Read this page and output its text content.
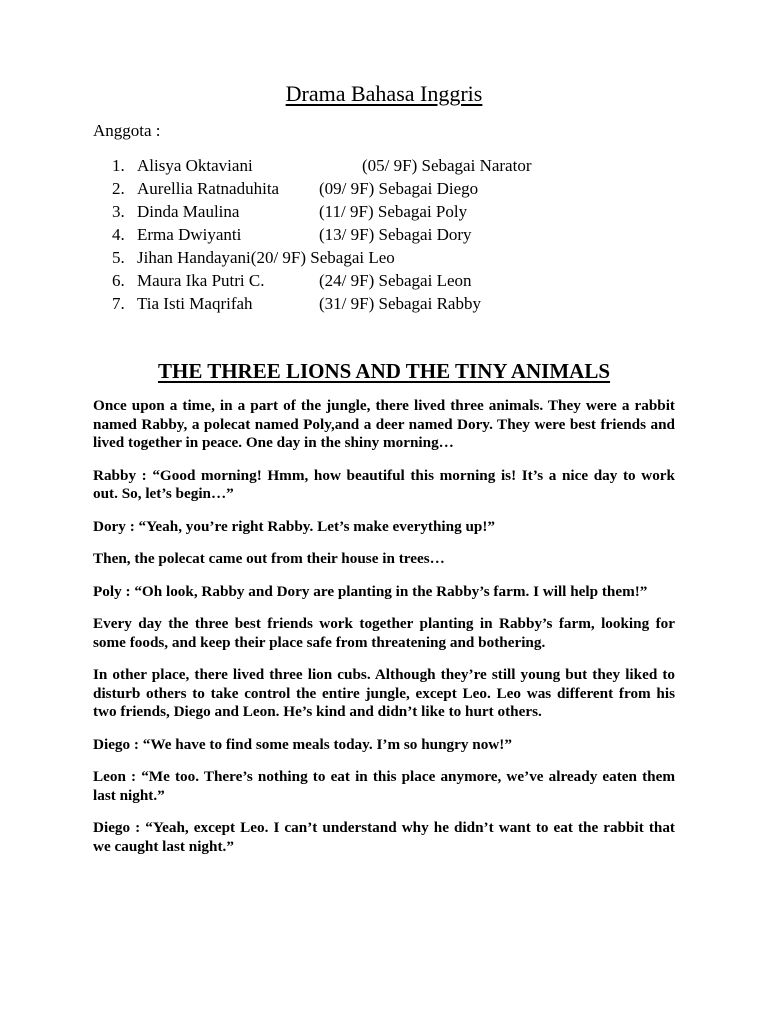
Drama Bahasa Inggris

Anggota :

1. Alisya Oktaviani	(05/ 9F) Sebagai Narator
2. Aurellia Ratnaduhita (09/ 9F) Sebagai Diego
3. Dinda Maulina	(11/ 9F) Sebagai Poly
4. Erma Dwiyanti	(13/ 9F) Sebagai Dory
5. Jihan Handayani(20/ 9F) Sebagai Leo
6. Maura Ika Putri C.	(24/ 9F) Sebagai Leon
7. Tia Isti Maqrifah	(31/ 9F) Sebagai Rabby
THE THREE LIONS AND THE TINY ANIMALS

Once upon a time, in a part of the jungle, there lived three animals. They were a rabbit named Rabby, a polecat named Poly,and a deer named Dory. They were best friends and lived together in peace. One day in the shiny morning…

Rabby : “Good morning! Hmm, how beautiful this morning is! It’s a nice day to work out. So, let’s begin…”

Dory : “Yeah, you’re right Rabby. Let’s make everything up!”

Then, the polecat came out from their house in trees…

Poly : “Oh look, Rabby and Dory are planting in the Rabby’s farm. I will help them!”

Every day the three best friends work together planting in Rabby’s farm, looking for some foods, and keep their place safe from threatening and bothering.

In other place, there lived three lion cubs. Although they’re still young but they liked to disturb others to take control the entire jungle, except Leo. Leo was different from his two friends, Diego and Leon. He’s kind and didn’t like to hurt others.

Diego : “We have to find some meals today. I’m so hungry now!”

Leon : “Me too. There’s nothing to eat in this place anymore, we’ve already eaten them last night.”

Diego : “Yeah, except Leo. I can’t understand why he didn’t want to eat the rabbit that we caught last night.”
